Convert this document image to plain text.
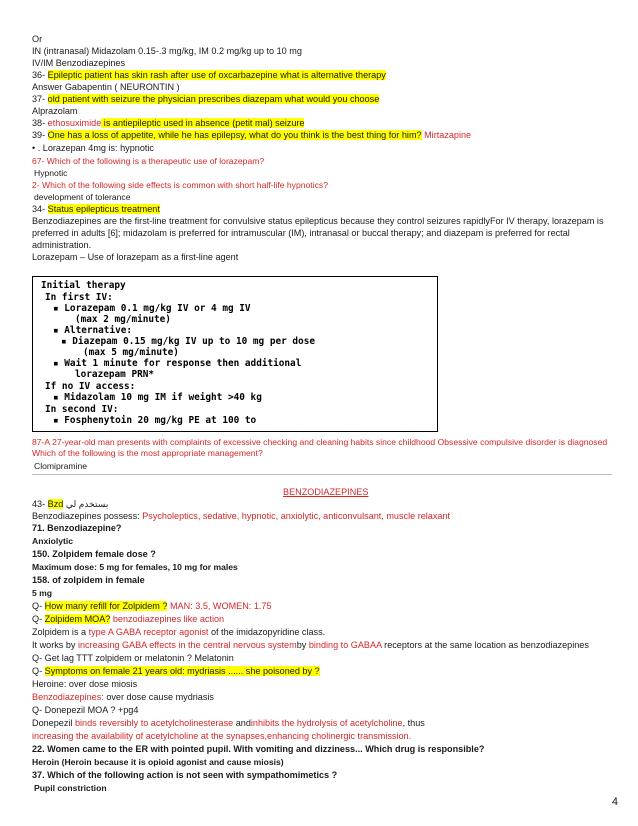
Or
IN (intranasal) Midazolam 0.15-.3 mg/kg, IM 0.2 mg/kg up to 10 mg
IV/IM Benzodiazepines
36- Epileptic patient has skin rash after use of oxcarbazepine what is alternative therapy
Answer Gabapentin ( NEURONTIN )
37- old patient with seizure the physician prescribes diazepam what would you choose
Alprazolam
38- ethosuximide is antiepileptic used in absence (petit mal) seizure
39- One has a loss of appetite, while he has epilepsy, what do you think is the best thing for him? Mirtazapine
• . Lorazepan 4mg is: hypnotic
67- Which of the following is a therapeutic use of lorazepam?
Hypnotic
2- Which of the following side effects is common with short half-life hypnotics?
development of tolerance
34- Status epilepticus treatment
Benzodiazepines are the first-line treatment for convulsive status epilepticus because they control seizures rapidlyFor IV therapy, lorazepam is preferred in adults [6]; midazolam is preferred for intramuscular (IM), intranasal or buccal therapy; and diazepam is preferred for rectal administration.
Lorazepam – Use of lorazepam as a first-line agent
Initial therapy
In first IV:
▪ Lorazepam 0.1 mg/kg IV or 4 mg IV
(max 2 mg/minute)
▪ Alternative:
▪ Diazepam 0.15 mg/kg IV up to 10 mg per dose
(max 5 mg/minute)
▪ Wait 1 minute for response then additional
lorazepam PRN*
If no IV access:
▪ Midazolam 10 mg IM if weight >40 kg
In second IV:
▪ Fosphenytoin 20 mg/kg PE at 100 to
87-A 27-year-old man presents with complaints of excessive checking and cleaning habits since childhood Obsessive compulsive disorder is diagnosed Which of the following is the most appropriate management?
Clomipramine
BENZODIAZEPINES
43- Bzd بستخدم لي
Benzodiazepines possess: Psycholeptics, sedative, hypnotic, anxiolytic, anticonvulsant, muscle relaxant
71. Benzodiazepine?
Anxiolytic
150. Zolpidem female dose ?
Maximum dose: 5 mg for females, 10 mg for males
158. of zolpidem in female
5 mg
Q- How many refill for Zolpidem ? MAN: 3.5, WOMEN: 1.75
Q- Zolpidem MOA? benzodiazepines like action
Zolpidem is a type A GABA receptor agonist of the imidazopyridine class.
It works by increasing GABA effects in the central nervous systemby binding to GABAA receptors at the same location as benzodiazepines
Q- Get lag TTT zolpidem or melatonin ? Melatonin
Q- Symptoms on female 21 years old: mydriasis ...... she poisoned by ?
Heroine: over dose miosis
Benzodiazepines: over dose cause mydriasis
Q- Donepezil MOA ? +pg4
Donepezil binds reversibly to acetylcholinesterase andinhibits the hydrolysis of acetylcholine, thus
increasing the availability of acetylcholine at the synapses,enhancing cholinergic transmission.
22. Women came to the ER with pointed pupil. With vomiting and dizziness... Which drug is responsible?
Heroin (Heroin because it is opioid agonist and cause miosis)
37. Which of the following action is not seen with sympathomimetics ?
Pupil constriction
4
